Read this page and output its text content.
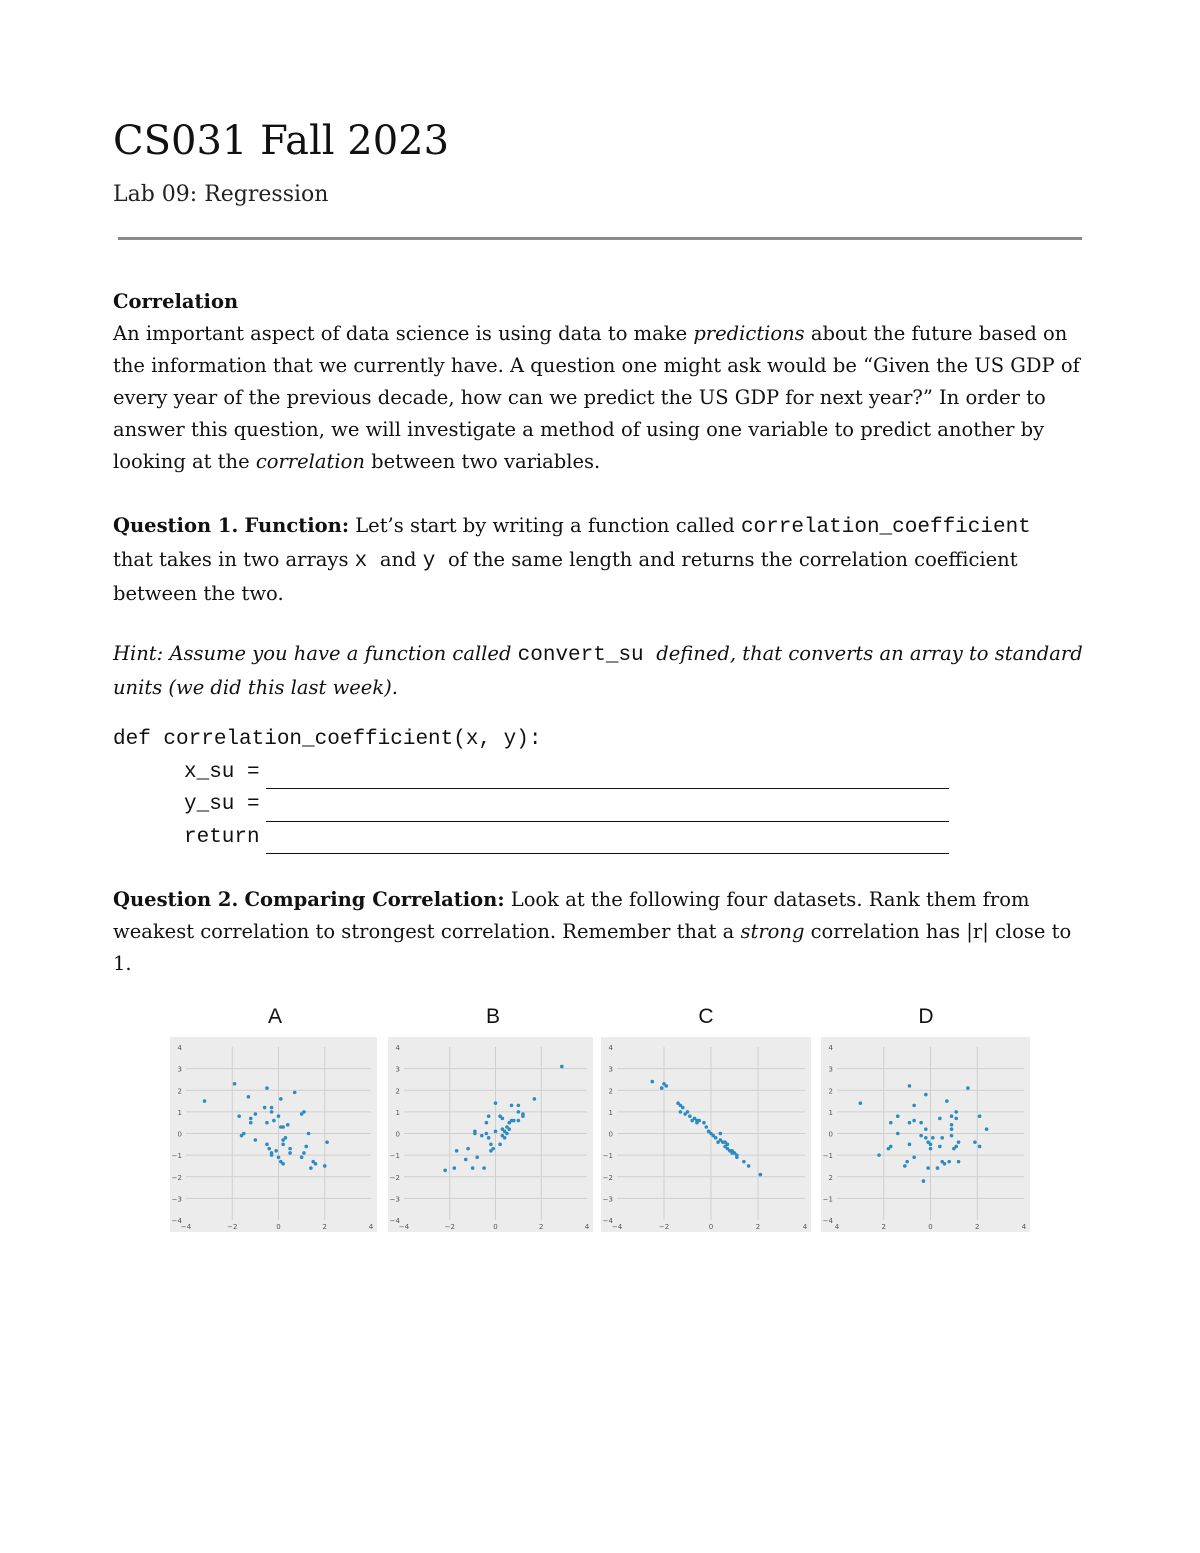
CS031 Fall 2023
Lab 09: Regression
Correlation
An important aspect of data science is using data to make predictions about the future based on
the information that we currently have. A question one might ask would be “Given the US GDP of
every year of the previous decade, how can we predict the US GDP for next year?” In order to
answer this question, we will investigate a method of using one variable to predict another by
looking at the correlation between two variables.
Question 1. Function: Let’s start by writing a function called correlation_coefficient
that takes in two arrays x and y of the same length and returns the correlation coefficient
between the two.
Hint: Assume you have a function called convert_su defined, that converts an array to standard
units (we did this last week).
def correlation_coefficient(x, y):
x_su =
y_su =
return
Question 2. Comparing Correlation: Look at the following four datasets. Rank them from
weakest correlation to strongest correlation. Remember that a strong correlation has |r| close to
1.
A
4
3
2
1
0
−1
−2
−3
−4
−4	−2	0	2	4
B
4
3
2
1
0
−1
−2
−3
−4
−4	−2	0	2	4
C
4
3
2
1
0
−1
−2
−3
−4
−4	−2	0	2	4
D
4
3
2
1
0
−1
2
−1
−4
4	2	0	2	4
